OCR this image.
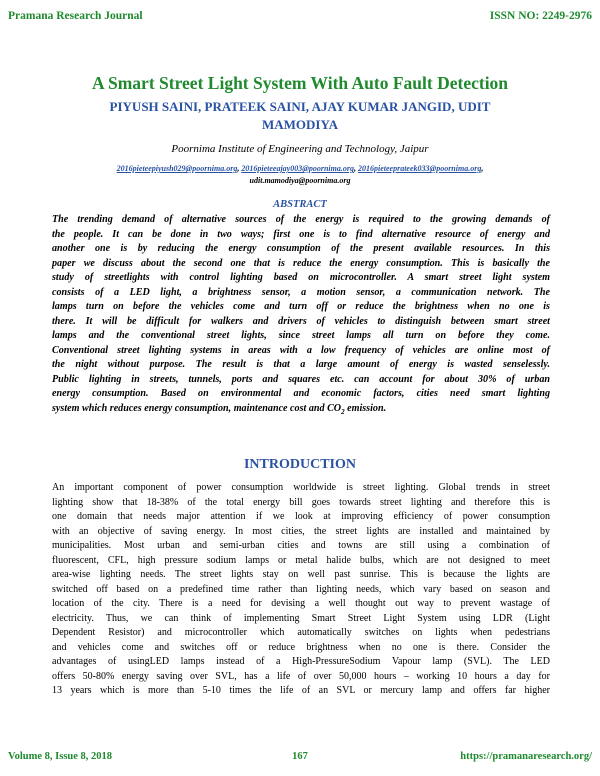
Pramana Research Journal	ISSN NO: 2249-2976
A Smart Street Light System With Auto Fault Detection
PIYUSH SAINI, PRATEEK SAINI, AJAY KUMAR JANGID, UDIT
MAMODIYA
Poornima Institute of Engineering and Technology, Jaipur
2016pieteepiyush029@poornima.org, 2016pieteeajay003@poornima.org, 2016pieteeprateek033@poornima.org,
udit.mamodiya@poornima.org
ABSTRACT
The trending demand of alternative sources of the energy is required to the growing demands of
the people. It can be done in two ways; first one is to find alternative resource of energy and
another one is by reducing the energy consumption of the present available resources. In this
paper we discuss about the second one that is reduce the energy consumption. This is basically the
study of streetlights with control lighting based on microcontroller. A smart street light system
consists of a LED light, a brightness sensor, a motion sensor, a communication network. The
lamps turn on before the vehicles come and turn off or reduce the brightness when no one is
there. It will be difficult for walkers and drivers of vehicles to distinguish between smart street
lamps and the conventional street lights, since street lamps all turn on before they come.
Conventional street lighting systems in areas with a low frequency of vehicles are online most of
the night without purpose. The result is that a large amount of energy is wasted senselessly.
Public lighting in streets, tunnels, ports and squares etc. can account for about 30% of urban
energy consumption. Based on environmental and economic factors, cities need smart lighting
system which reduces energy consumption, maintenance cost and $CO_2$ emission.
INTRODUCTION
An important component of power consumption worldwide is street lighting. Global trends in street
lighting show that 18-38% of the total energy bill goes towards street lighting and therefore this is
one domain that needs major attention if we look at improving efficiency of power consumption
with an objective of saving energy. In most cities, the street lights are installed and maintained by
municipalities. Most urban and semi-urban cities and towns are still using a combination of
fluorescent, CFL, high pressure sodium lamps or metal halide bulbs, which are not designed to meet
area-wise lighting needs. The street lights stay on well past sunrise. This is because the lights are
switched off based on a predefined time rather than lighting needs, which vary based on season and
location of the city. There is a need for devising a well thought out way to prevent wastage of
electricity. Thus, we can think of implementing Smart Street Light System using LDR (Light
Dependent Resistor) and microcontroller which automatically switches on lights when pedestrians
and vehicles come and switches off or reduce brightness when no one is there. Consider the
advantages of usingLED lamps instead of a High-PressureSodium Vapour lamp (SVL). The LED
offers 50-80% energy saving over SVL, has a life of over 50,000 hours – working 10 hours a day for
13 years which is more than 5-10 times the life of an SVL or mercury lamp and offers far higher
Volume 8, Issue 8, 2018	167	https://pramanaresearch.org/
